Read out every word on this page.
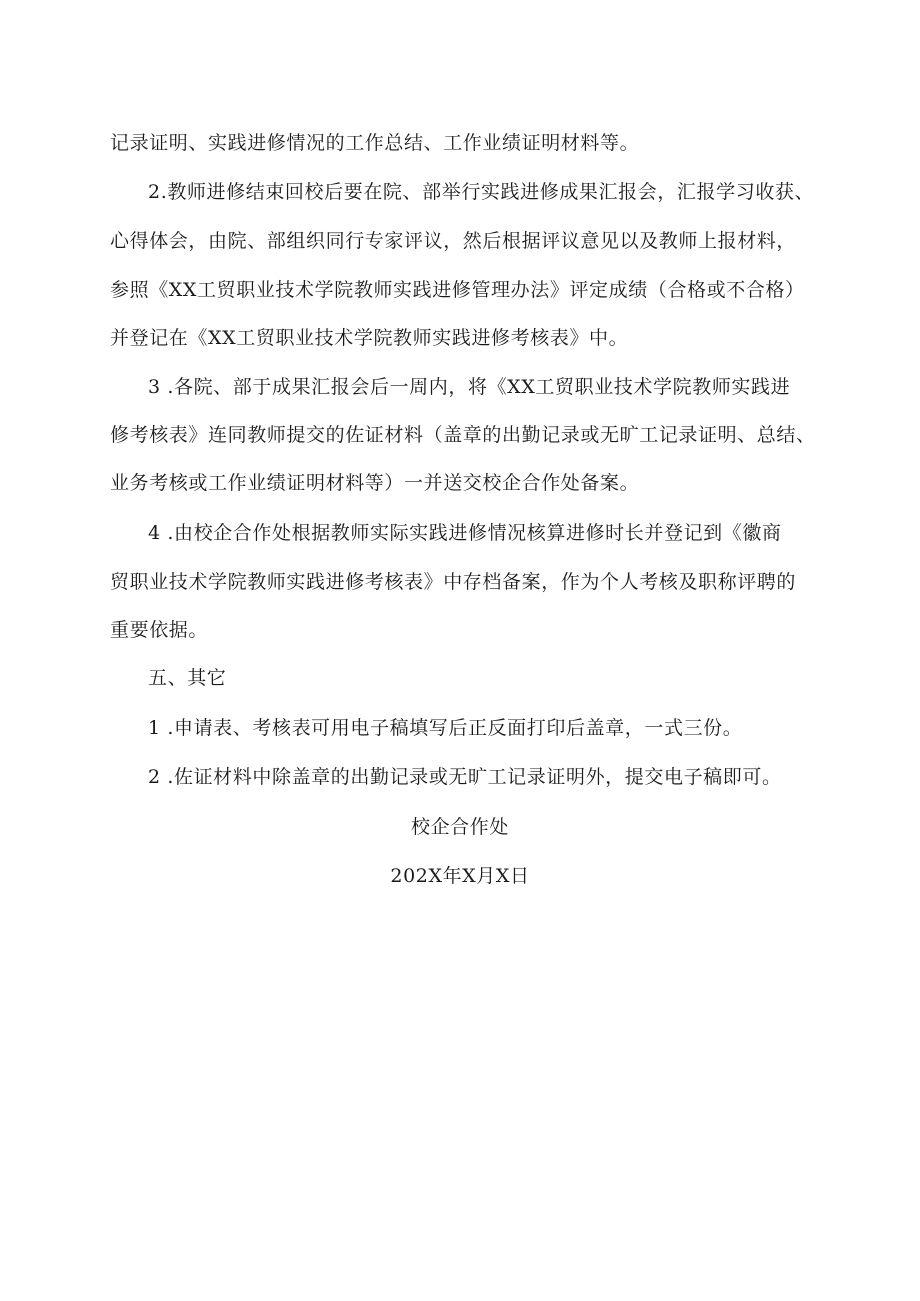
记录证明、实践进修情况的工作总结、工作业绩证明材料等。
2.教师进修结束回校后要在院、部举行实践进修成果汇报会，汇报学习收获、
心得体会，由院、部组织同行专家评议，然后根据评议意见以及教师上报材料，
参照《XX工贸职业技术学院教师实践进修管理办法》评定成绩（合格或不合格）
并登记在《XX工贸职业技术学院教师实践进修考核表》中。
3 .各院、部于成果汇报会后一周内，将《XX工贸职业技术学院教师实践进
修考核表》连同教师提交的佐证材料（盖章的出勤记录或无旷工记录证明、总结、
业务考核或工作业绩证明材料等）一并送交校企合作处备案。
4 .由校企合作处根据教师实际实践进修情况核算进修时长并登记到《徽商
贸职业技术学院教师实践进修考核表》中存档备案，作为个人考核及职称评聘的
重要依据。
五、其它
1 .申请表、考核表可用电子稿填写后正反面打印后盖章，一式三份。
2 .佐证材料中除盖章的出勤记录或无旷工记录证明外，提交电子稿即可。
校企合作处
202X年X月X日
